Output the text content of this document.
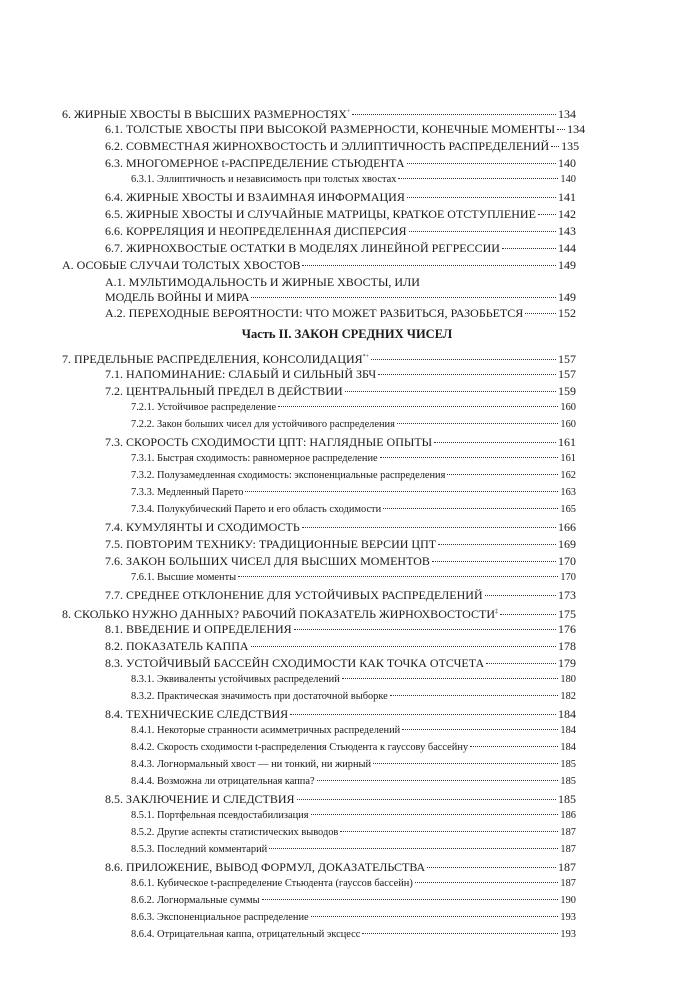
6. ЖИРНЫЕ ХВОСТЫ В ВЫСШИХ РАЗМЕРНОСТЯХ+	134
6.1. ТОЛСТЫЕ ХВОСТЫ ПРИ ВЫСОКОЙ РАЗМЕРНОСТИ, КОНЕЧНЫЕ МОМЕНТЫ 134
6.2. СОВМЕСТНАЯ ЖИРНОХВОСТОСТЬ И ЭЛЛИПТИЧНОСТЬ РАСПРЕДЕЛЕНИЙ 135
6.3. МНОГОМЕРНОЕ t-РАСПРЕДЕЛЕНИЕ СТЬЮДЕНТА	140
6.3.1. Эллиптичность и независимость при толстых хвостах	140
6.4. ЖИРНЫЕ ХВОСТЫ И ВЗАИМНАЯ ИНФОРМАЦИЯ	141
6.5. ЖИРНЫЕ ХВОСТЫ И СЛУЧАЙНЫЕ МАТРИЦЫ, КРАТКОЕ ОТСТУПЛЕНИЕ 142
6.6. КОРРЕЛЯЦИЯ И НЕОПРЕДЕЛЕННАЯ ДИСПЕРСИЯ	143
6.7. ЖИРНОХВОСТЫЕ ОСТАТКИ В МОДЕЛЯХ ЛИНЕЙНОЙ РЕГРЕССИИ	144
А. ОСОБЫЕ СЛУЧАИ ТОЛСТЫХ ХВОСТОВ	149
А.1. МУЛЬТИМОДАЛЬНОСТЬ И ЖИРНЫЕ ХВОСТЫ, ИЛИ
МОДЕЛЬ ВОЙНЫ И МИРА	149
А.2. ПЕРЕХОДНЫЕ ВЕРОЯТНОСТИ: ЧТО МОЖЕТ РАЗБИТЬСЯ, РАЗОБЬЕТСЯ	152
Часть II. ЗАКОН СРЕДНИХ ЧИСЕЛ
7. ПРЕДЕЛЬНЫЕ РАСПРЕДЕЛЕНИЯ, КОНСОЛИДАЦИЯ*+	157
7.1. НАПОМИНАНИЕ: СЛАБЫЙ И СИЛЬНЫЙ ЗБЧ	157
7.2. ЦЕНТРАЛЬНЫЙ ПРЕДЕЛ В ДЕЙСТВИИ	159
7.2.1. Устойчивое распределение	160
7.2.2. Закон больших чисел для устойчивого распределения	160
7.3. СКОРОСТЬ СХОДИМОСТИ ЦПТ: НАГЛЯДНЫЕ ОПЫТЫ	161
7.3.1. Быстрая сходимость: равномерное распределение	161
7.3.2. Полузамедленная сходимость: экспоненциальные распределения	162
7.3.3. Медленный Парето	163
7.3.4. Полукубический Парето и его область сходимости	165
7.4. КУМУЛЯНТЫ И СХОДИМОСТЬ	166
7.5. ПОВТОРИМ ТЕХНИКУ: ТРАДИЦИОННЫЕ ВЕРСИИ ЦПТ	169
7.6. ЗАКОН БОЛЬШИХ ЧИСЕЛ ДЛЯ ВЫСШИХ МОМЕНТОВ	170
7.6.1. Высшие моменты	170
7.7. СРЕДНЕЕ ОТКЛОНЕНИЕ ДЛЯ УСТОЙЧИВЫХ РАСПРЕДЕЛЕНИЙ	173
8. СКОЛЬКО НУЖНО ДАННЫХ? РАБОЧИЙ ПОКАЗАТЕЛЬ ЖИРНОХВОСТОСТИ‡	175
8.1. ВВЕДЕНИЕ И ОПРЕДЕЛЕНИЯ	176
8.2. ПОКАЗАТЕЛЬ КАППА	178
8.3. УСТОЙЧИВЫЙ БАССЕЙН СХОДИМОСТИ КАК ТОЧКА ОТСЧЕТА	179
8.3.1. Эквиваленты устойчивых распределений	180
8.3.2. Практическая значимость при достаточной выборке	182
8.4. ТЕХНИЧЕСКИЕ СЛЕДСТВИЯ	184
8.4.1. Некоторые странности асимметричных распределений	184
8.4.2. Скорость сходимости t-распределения Стьюдента к гауссову бассейну	184
8.4.3. Логнормальный хвост — ни тонкий, ни жирный	185
8.4.4. Возможна ли отрицательная каппа?	185
8.5. ЗАКЛЮЧЕНИЕ И СЛЕДСТВИЯ	185
8.5.1. Портфельная псевдостабилизация	186
8.5.2. Другие аспекты статистических выводов	187
8.5.3. Последний комментарий	187
8.6. ПРИЛОЖЕНИЕ, ВЫВОД ФОРМУЛ, ДОКАЗАТЕЛЬСТВА	187
8.6.1. Кубическое t-распределение Стьюдента (гауссов бассейн)	187
8.6.2. Логнормальные суммы	190
8.6.3. Экспоненциальное распределение	193
8.6.4. Отрицательная каппа, отрицательный эксцесс	193
